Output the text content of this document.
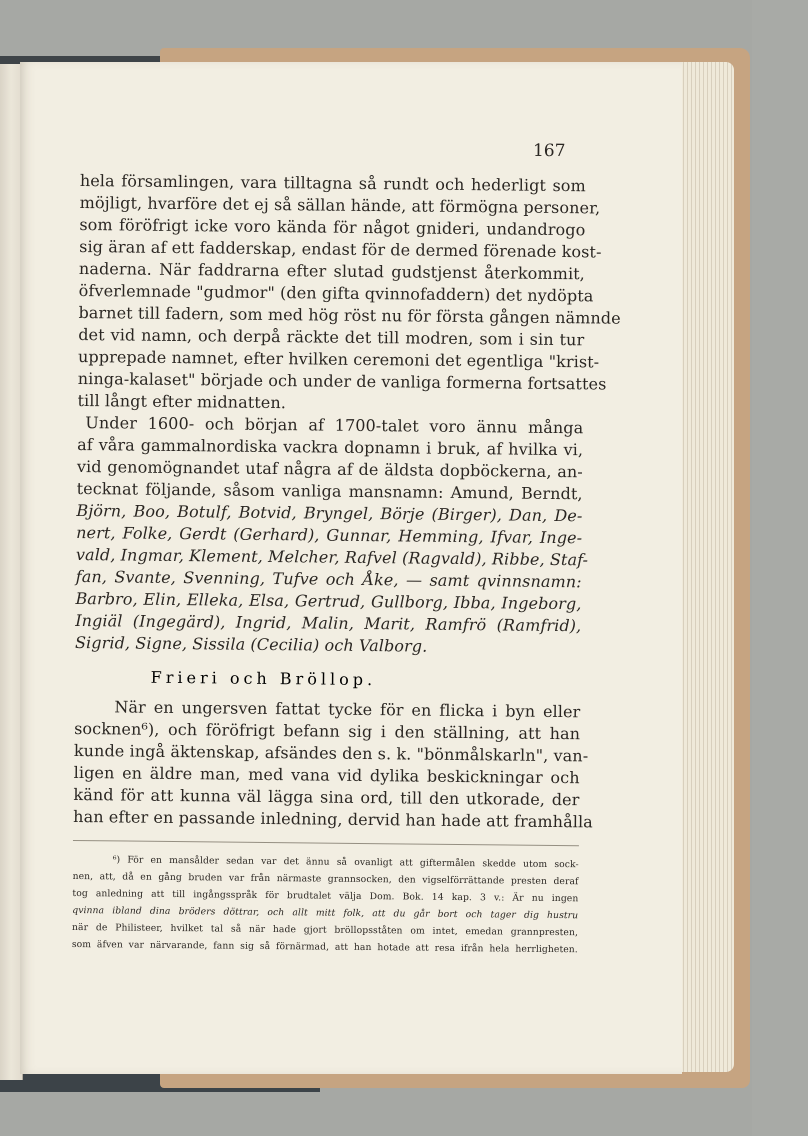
167
hela församlingen, vara tilltagna så rundt och hederligt som
möjligt, hvarföre det ej så sällan hände, att förmögna personer,
som föröfrigt icke voro kända för något gnideri, undandrogo
sig äran af ett fadderskap, endast för de dermed förenade kost-
naderna. När faddrarna efter slutad gudstjenst återkommit,
öfverlemnade "gudmor" (den gifta qvinnofaddern) det nydöpta
barnet till fadern, som med hög röst nu för första gången nämnde
det vid namn, och derpå räckte det till modren, som i sin tur
upprepade namnet, efter hvilken ceremoni det egentliga "krist-
ninga-kalaset" började och under de vanliga formerna fortsattes
till långt efter midnatten.
Under 1600- och början af 1700-talet voro ännu många
af våra gammalnordiska vackra dopnamn i bruk, af hvilka vi,
vid genomögnandet utaf några af de äldsta dopböckerna, an-
tecknat följande, såsom vanliga mansnamn: Amund, Berndt,
Björn, Boo, Botulf, Botvid, Bryngel, Börje (Birger), Dan, De-
nert, Folke, Gerdt (Gerhard), Gunnar, Hemming, Ifvar, Inge-
vald, Ingmar, Klement, Melcher, Rafvel (Ragvald), Ribbe, Staf-
fan, Svante, Svenning, Tufve och Åke, — samt qvinnsnamn:
Barbro, Elin, Elleka, Elsa, Gertrud, Gullborg, Ibba, Ingeborg,
Ingiäl (Ingegärd), Ingrid, Malin, Marit, Ramfrö (Ramfrid),
Sigrid, Signe, Sissila (Cecilia) och Valborg.
Frieri och Bröllop.
När en ungersven fattat tycke för en flicka i byn eller
socknen⁶), och föröfrigt befann sig i den ställning, att han
kunde ingå äktenskap, afsändes den s. k. "bönmålskarln", van-
ligen en äldre man, med vana vid dylika beskickningar och
känd för att kunna väl lägga sina ord, till den utkorade, der
han efter en passande inledning, dervid han hade att framhålla
⁶) För en mansålder sedan var det ännu så ovanligt att giftermålen skedde utom sock-
nen, att, då en gång bruden var från närmaste grannsocken, den vigselförrättande presten deraf
tog anledning att till ingångsspråk för brudtalet välja Dom. Bok. 14 kap. 3 v.: Är nu ingen
qvinna ibland dina bröders döttrar, och allt mitt folk, att du går bort och tager dig hustru
när de Philisteer, hvilket tal så när hade gjort bröllopsståten om intet, emedan grannpresten,
som äfven var närvarande, fann sig så förnärmad, att han hotade att resa ifrån hela herrligheten.
